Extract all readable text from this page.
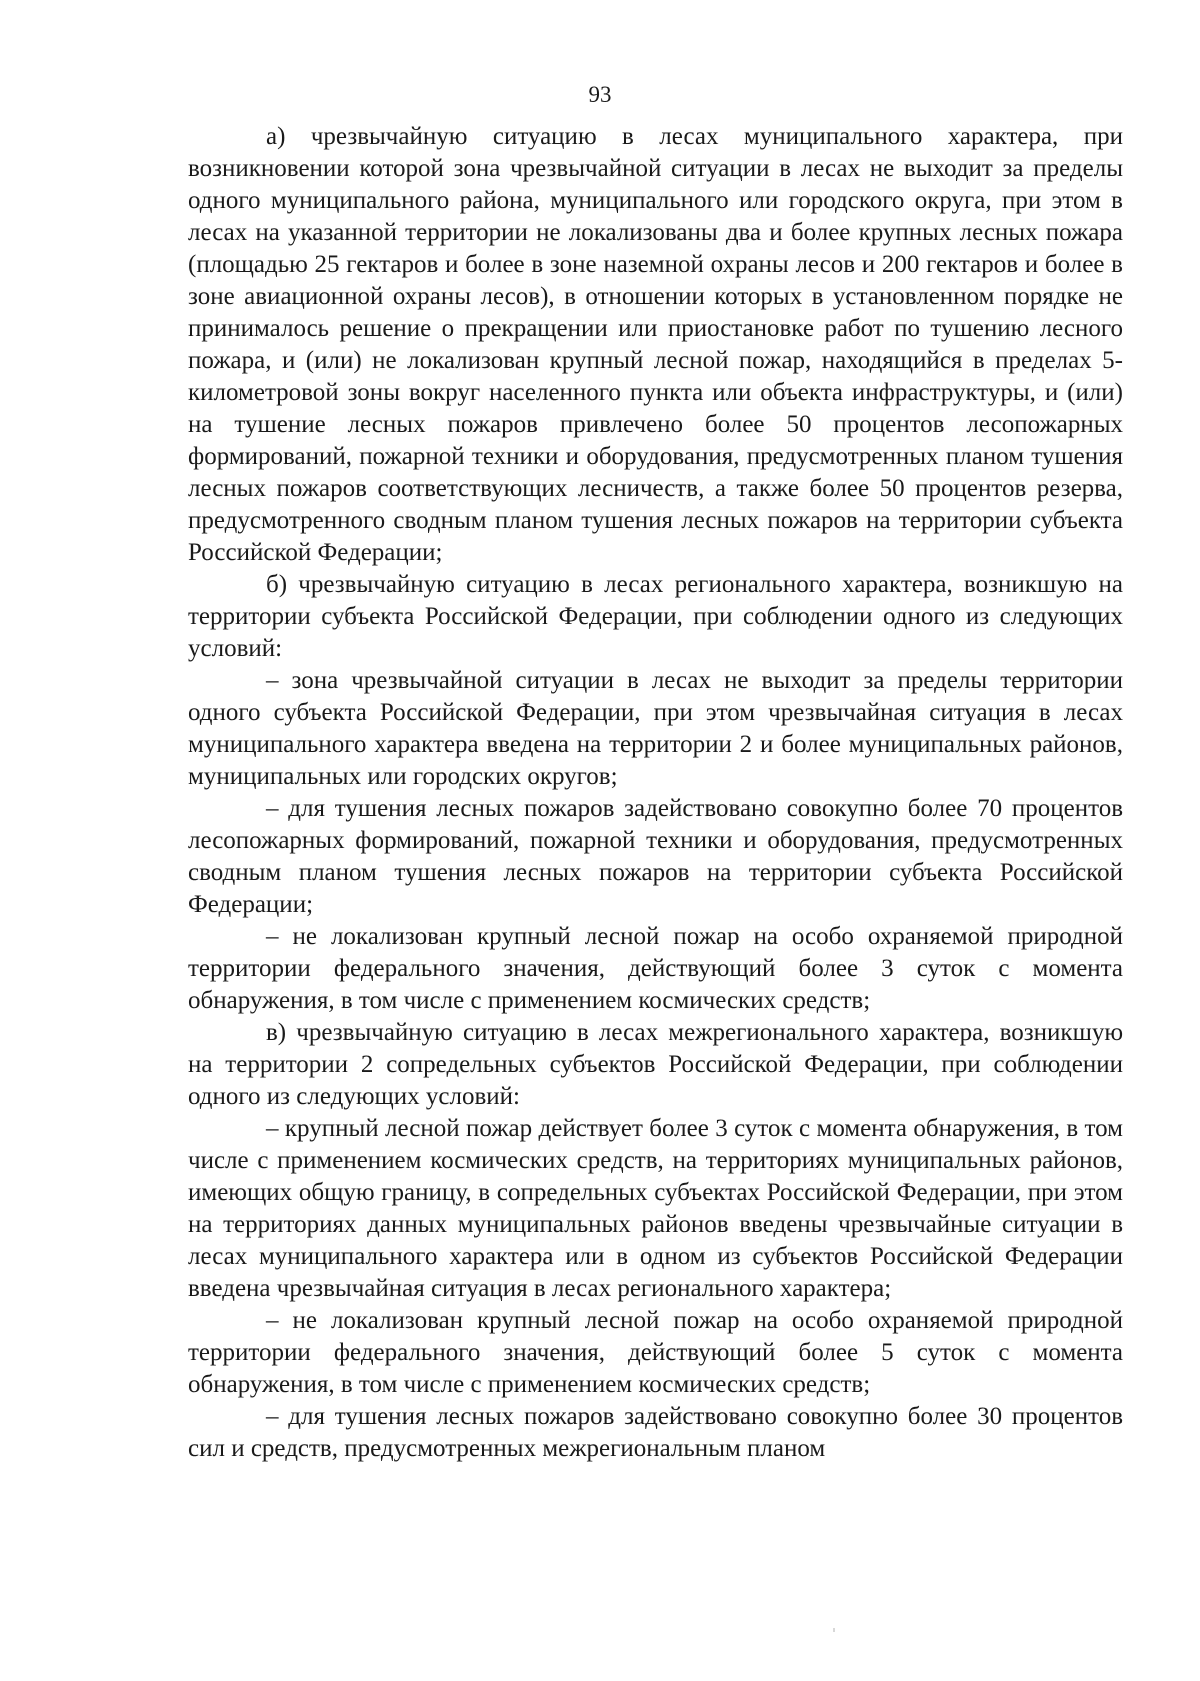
93

а) чрезвычайную ситуацию в лесах муниципального характера, при возникновении которой зона чрезвычайной ситуации в лесах не выходит за пределы одного муниципального района, муниципального или городского округа, при этом в лесах на указанной территории не локализованы два и более крупных лесных пожара (площадью 25 гектаров и более в зоне наземной охраны лесов и 200 гектаров и более в зоне авиационной охраны лесов), в отношении которых в установленном порядке не принималось решение о прекращении или приостановке работ по тушению лесного пожара, и (или) не локализован крупный лесной пожар, находящийся в пределах 5-километровой зоны вокруг населенного пункта или объекта инфраструктуры, и (или) на тушение лесных пожаров привлечено более 50 процентов лесопожарных формирований, пожарной техники и оборудования, предусмотренных планом тушения лесных пожаров соответствующих лесничеств, а также более 50 процентов резерва, предусмотренного сводным планом тушения лесных пожаров на территории субъекта Российской Федерации;

б) чрезвычайную ситуацию в лесах регионального характера, возникшую на территории субъекта Российской Федерации, при соблюдении одного из следующих условий:

– зона чрезвычайной ситуации в лесах не выходит за пределы территории одного субъекта Российской Федерации, при этом чрезвычайная ситуация в лесах муниципального характера введена на территории 2 и более муниципальных районов, муниципальных или городских округов;

– для тушения лесных пожаров задействовано совокупно более 70 процентов лесопожарных формирований, пожарной техники и оборудования, предусмотренных сводным планом тушения лесных пожаров на территории субъекта Российской Федерации;

– не локализован крупный лесной пожар на особо охраняемой природной территории федерального значения, действующий более 3 суток с момента обнаружения, в том числе с применением космических средств;

в) чрезвычайную ситуацию в лесах межрегионального характера, возникшую на территории 2 сопредельных субъектов Российской Федерации, при соблюдении одного из следующих условий:

– крупный лесной пожар действует более 3 суток с момента обнаружения, в том числе с применением космических средств, на территориях муниципальных районов, имеющих общую границу, в сопредельных субъектах Российской Федерации, при этом на территориях данных муниципальных районов введены чрезвычайные ситуации в лесах муниципального характера или в одном из субъектов Российской Федерации введена чрезвычайная ситуация в лесах регионального характера;

– не локализован крупный лесной пожар на особо охраняемой природной территории федерального значения, действующий более 5 суток с момента обнаружения, в том числе с применением космических средств;

– для тушения лесных пожаров задействовано совокупно более 30 процентов сил и средств, предусмотренных межрегиональным планом
